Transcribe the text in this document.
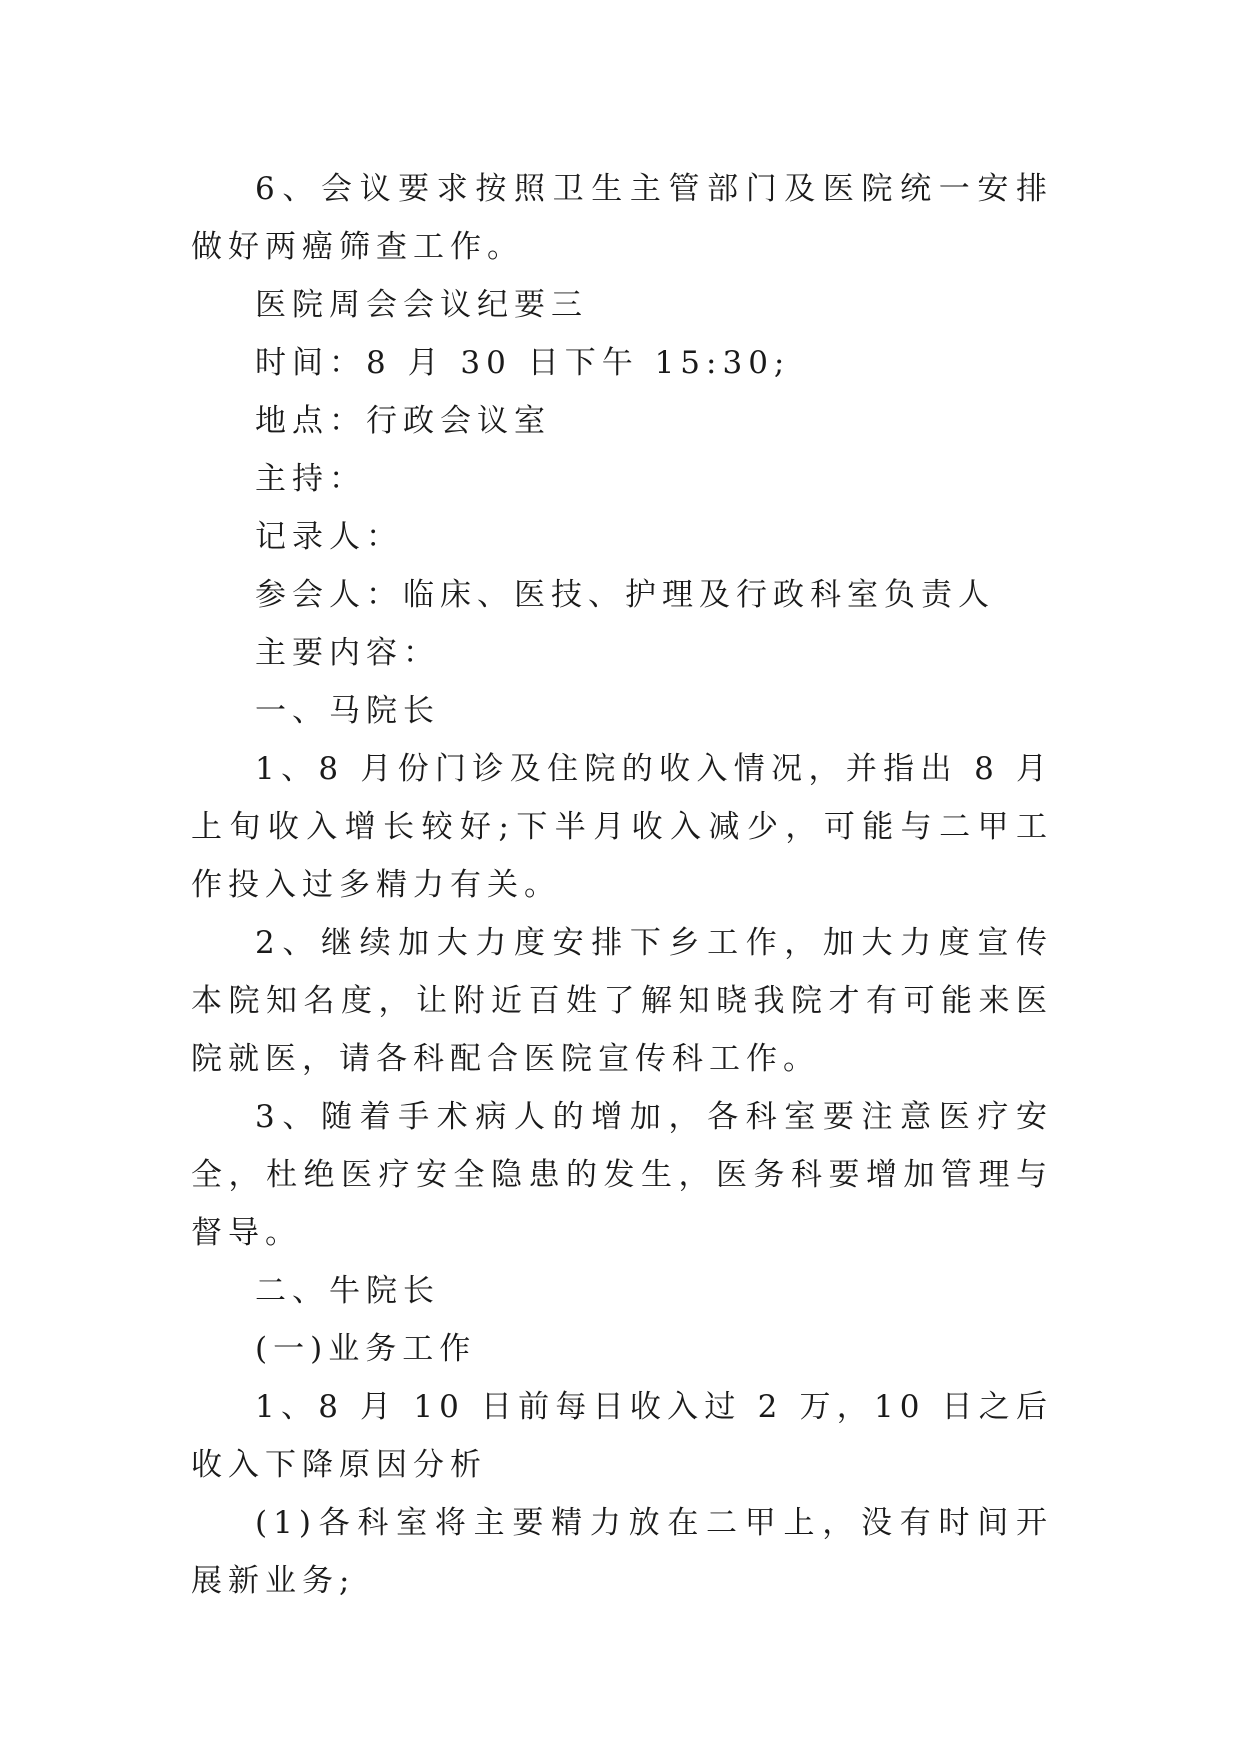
6、会议要求按照卫生主管部门及医院统一安排做好两癌筛查工作。

医院周会会议纪要三

时间：8 月 30 日下午 15:30;

地点：行政会议室

主持：

记录人：

参会人：临床、医技、护理及行政科室负责人

主要内容：

一、马院长

1、8 月份门诊及住院的收入情况，并指出 8 月上旬收入增长较好;下半月收入减少，可能与二甲工作投入过多精力有关。

2、继续加大力度安排下乡工作，加大力度宣传本院知名度，让附近百姓了解知晓我院才有可能来医院就医，请各科配合医院宣传科工作。

3、随着手术病人的增加，各科室要注意医疗安全，杜绝医疗安全隐患的发生，医务科要增加管理与督导。

二、牛院长

(一)业务工作

1、8 月 10 日前每日收入过 2 万，10 日之后收入下降原因分析

(1)各科室将主要精力放在二甲上，没有时间开展新业务;
